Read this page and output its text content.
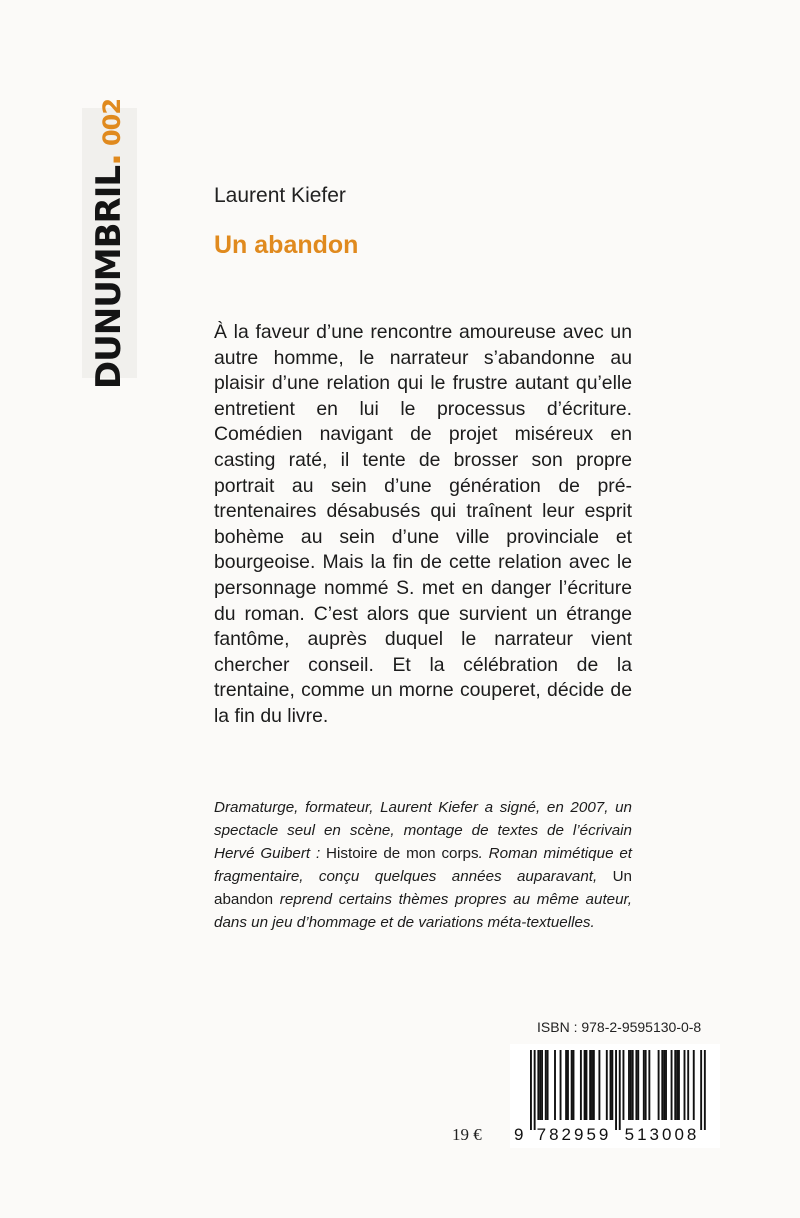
DUNUMBRIL.002
Laurent Kiefer
Un abandon

À la faveur d’une rencontre amoureuse avec un autre homme, le narrateur s’abandonne au plaisir d’une relation qui le frustre autant qu’elle entretient en lui le processus d’écriture. Comédien navigant de projet miséreux en casting raté, il tente de brosser son propre portrait au sein d’une génération de pré-trentenaires désabusés qui traînent leur esprit bohème au sein d’une ville provinciale et bourgeoise. Mais la fin de cette relation avec le personnage nommé S. met en danger l’écriture du roman. C’est alors que survient un étrange fantôme, auprès duquel le narrateur vient chercher conseil. Et la célébration de la trentaine, comme un morne couperet, décide de la fin du livre.

Dramaturge, formateur, Laurent Kiefer a signé, en 2007, un spectacle seul en scène, montage de textes de l’écrivain Hervé Guibert : Histoire de mon corps. Roman mimétique et fragmentaire, conçu quelques années auparavant, Un abandon reprend certains thèmes propres au même auteur, dans un jeu d’hommage et de variations méta-textuelles.

ISBN : 978-2-9595130-0-8
9 782959 513008
19 €
